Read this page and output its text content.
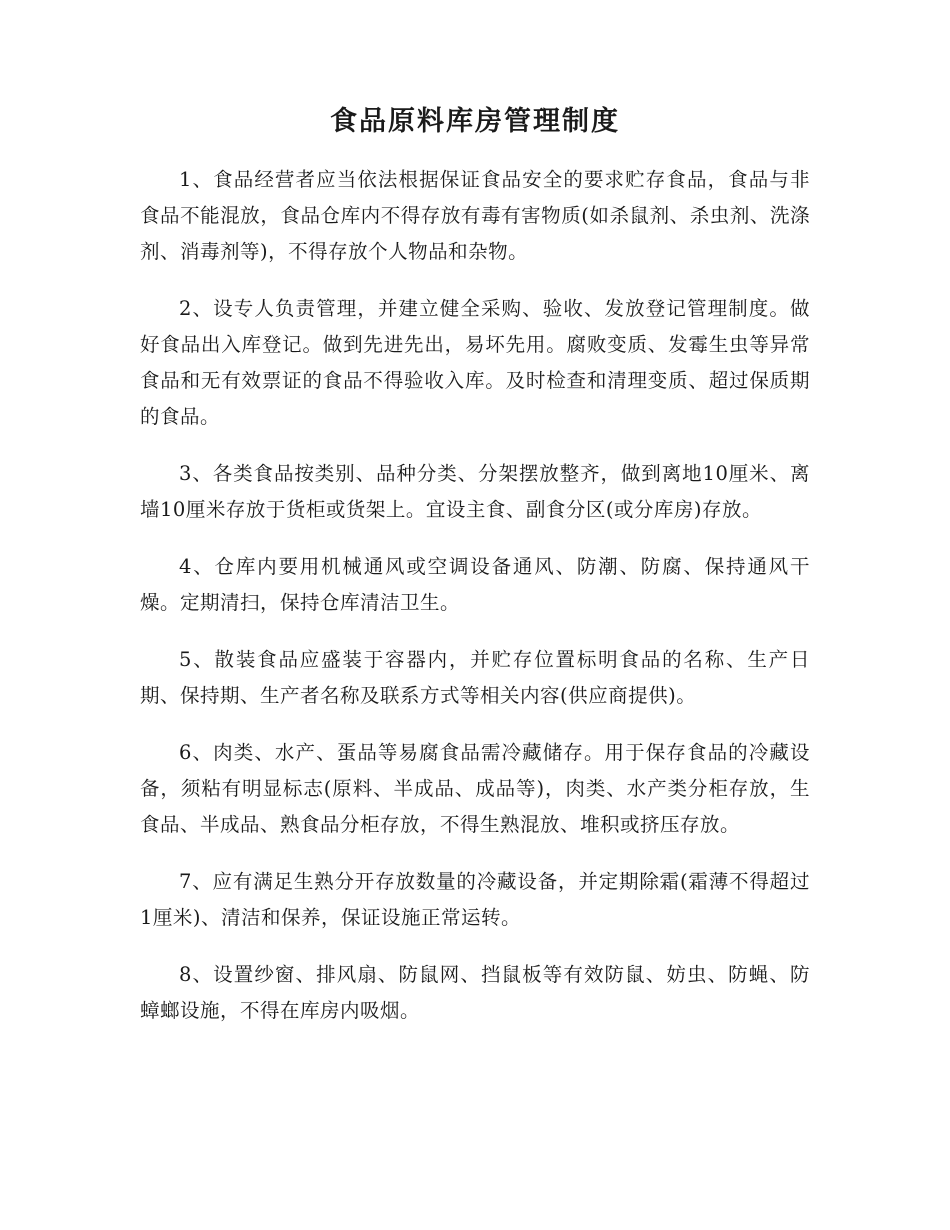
食品原料库房管理制度

1、食品经营者应当依法根据保证食品安全的要求贮存食品，食品与非食品不能混放，食品仓库内不得存放有毒有害物质(如杀鼠剂、杀虫剂、洗涤剂、消毒剂等)，不得存放个人物品和杂物。

2、设专人负责管理，并建立健全采购、验收、发放登记管理制度。做好食品出入库登记。做到先进先出，易坏先用。腐败变质、发霉生虫等异常食品和无有效票证的食品不得验收入库。及时检查和清理变质、超过保质期的食品。

3、各类食品按类别、品种分类、分架摆放整齐，做到离地10厘米、离墙10厘米存放于货柜或货架上。宜设主食、副食分区(或分库房)存放。

4、仓库内要用机械通风或空调设备通风、防潮、防腐、保持通风干燥。定期清扫，保持仓库清洁卫生。

5、散装食品应盛装于容器内，并贮存位置标明食品的名称、生产日期、保持期、生产者名称及联系方式等相关内容(供应商提供)。

6、肉类、水产、蛋品等易腐食品需冷藏储存。用于保存食品的冷藏设备，须粘有明显标志(原料、半成品、成品等)，肉类、水产类分柜存放，生食品、半成品、熟食品分柜存放，不得生熟混放、堆积或挤压存放。

7、应有满足生熟分开存放数量的冷藏设备，并定期除霜(霜薄不得超过1厘米)、清洁和保养，保证设施正常运转。

8、设置纱窗、排风扇、防鼠网、挡鼠板等有效防鼠、妨虫、防蝇、防蟑螂设施，不得在库房内吸烟。
